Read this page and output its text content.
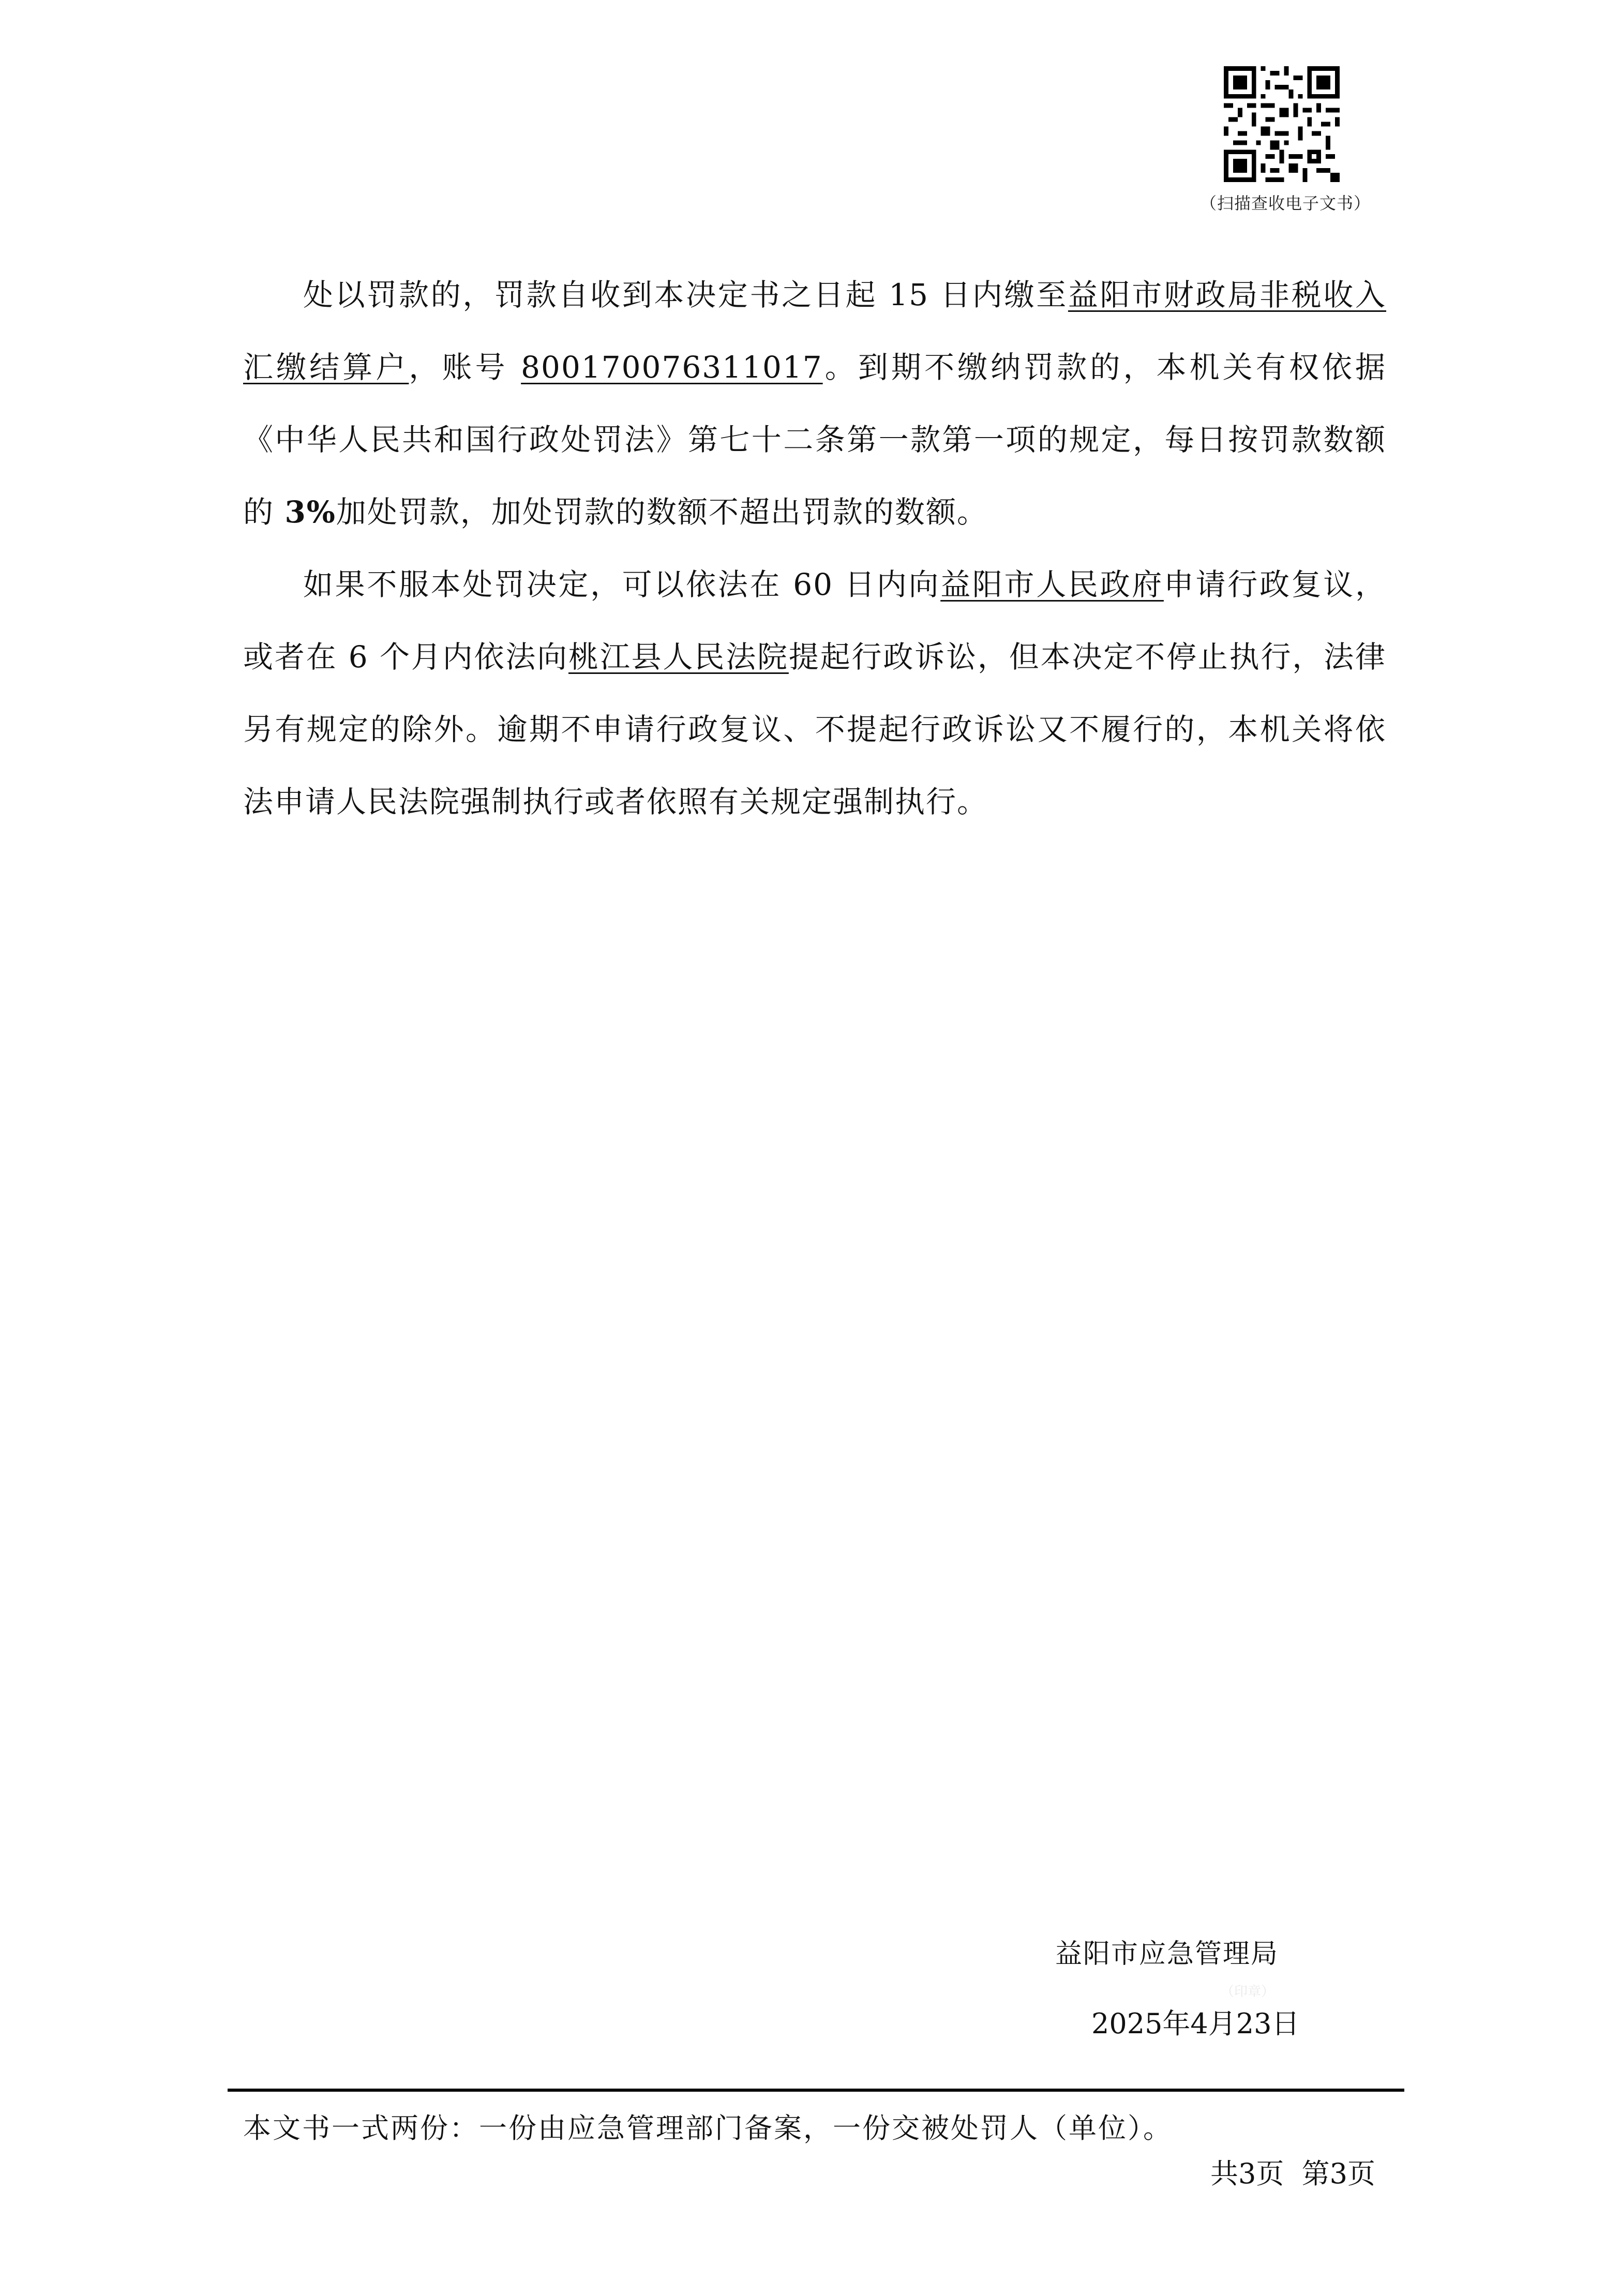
（扫描查收电子文书）

处以罚款的，罚款自收到本决定书之日起 15 日内缴至益阳市财政局非税收入汇缴结算户，账号 800170076311017。到期不缴纳罚款的，本机关有权依据《中华人民共和国行政处罚法》第七十二条第一款第一项的规定，每日按罚款数额的 3%加处罚款，加处罚款的数额不超出罚款的数额。

如果不服本处罚决定，可以依法在 60 日内向益阳市人民政府申请行政复议，或者在 6 个月内依法向桃江县人民法院提起行政诉讼，但本决定不停止执行，法律另有规定的除外。逾期不申请行政复议、不提起行政诉讼又不履行的，本机关将依法申请人民法院强制执行或者依照有关规定强制执行。

益阳市应急管理局
（印章）
2025年4月23日
本文书一式两份：一份由应急管理部门备案，一份交被处罚人（单位）。
共3页  第3页
